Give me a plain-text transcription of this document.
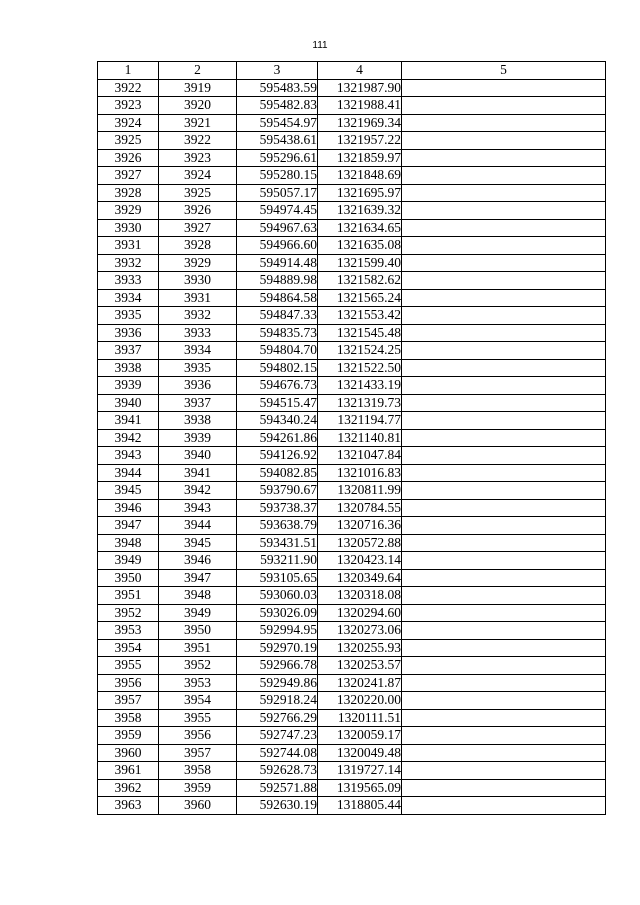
111
1	2	3	4	5
3922	3919	595483.59	1321987.90	
3923	3920	595482.83	1321988.41	
3924	3921	595454.97	1321969.34	
3925	3922	595438.61	1321957.22	
3926	3923	595296.61	1321859.97	
3927	3924	595280.15	1321848.69	
3928	3925	595057.17	1321695.97	
3929	3926	594974.45	1321639.32	
3930	3927	594967.63	1321634.65	
3931	3928	594966.60	1321635.08	
3932	3929	594914.48	1321599.40	
3933	3930	594889.98	1321582.62	
3934	3931	594864.58	1321565.24	
3935	3932	594847.33	1321553.42	
3936	3933	594835.73	1321545.48	
3937	3934	594804.70	1321524.25	
3938	3935	594802.15	1321522.50	
3939	3936	594676.73	1321433.19	
3940	3937	594515.47	1321319.73	
3941	3938	594340.24	1321194.77	
3942	3939	594261.86	1321140.81	
3943	3940	594126.92	1321047.84	
3944	3941	594082.85	1321016.83	
3945	3942	593790.67	1320811.99	
3946	3943	593738.37	1320784.55	
3947	3944	593638.79	1320716.36	
3948	3945	593431.51	1320572.88	
3949	3946	593211.90	1320423.14	
3950	3947	593105.65	1320349.64	
3951	3948	593060.03	1320318.08	
3952	3949	593026.09	1320294.60	
3953	3950	592994.95	1320273.06	
3954	3951	592970.19	1320255.93	
3955	3952	592966.78	1320253.57	
3956	3953	592949.86	1320241.87	
3957	3954	592918.24	1320220.00	
3958	3955	592766.29	1320111.51	
3959	3956	592747.23	1320059.17	
3960	3957	592744.08	1320049.48	
3961	3958	592628.73	1319727.14	
3962	3959	592571.88	1319565.09	
3963	3960	592630.19	1318805.44	
